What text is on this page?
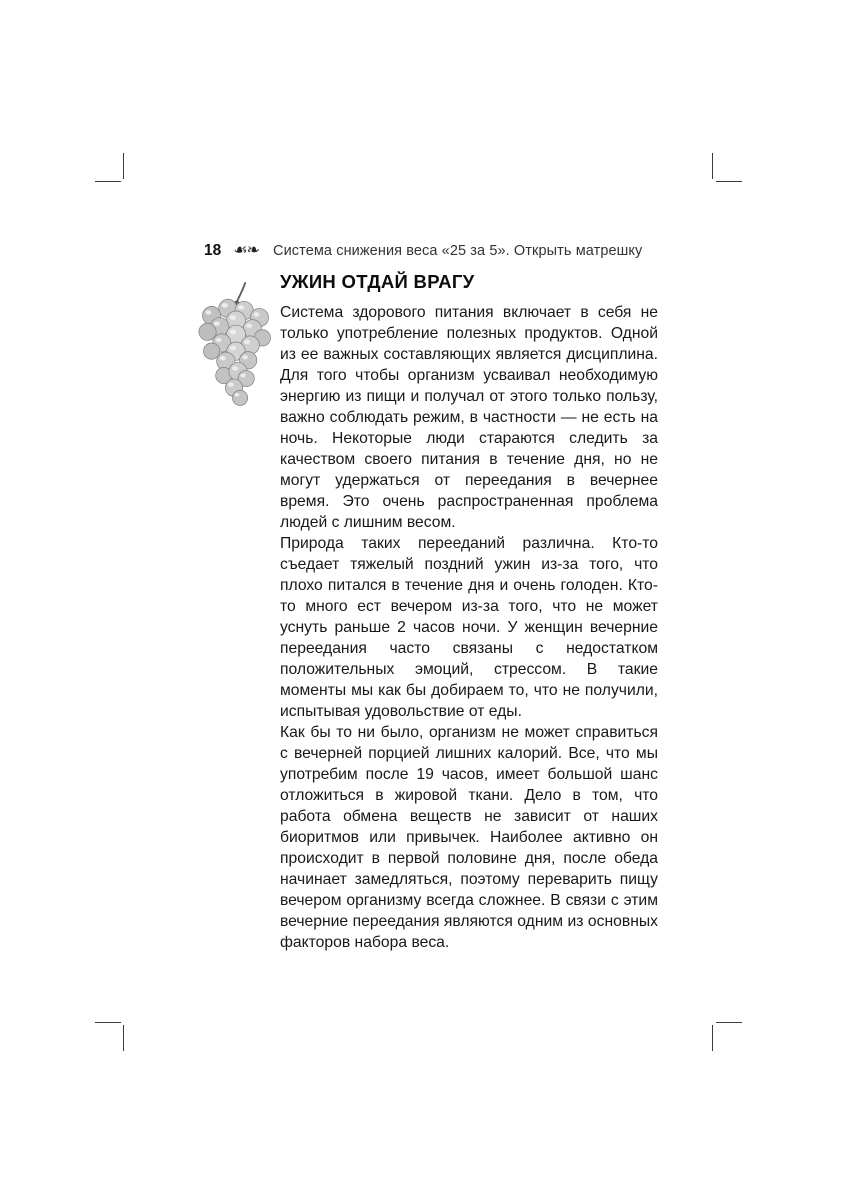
18 ☙❧ Система снижения веса «25 за 5». Открыть матрешку
УЖИН ОТДАЙ ВРАГУ

Система здорового питания включает в себя не только употребление полезных продуктов. Одной из ее важных составляющих является дисциплина. Для того чтобы организм усваивал необходимую энергию из пищи и получал от этого только пользу, важно соблюдать режим, в частности — не есть на ночь. Некоторые люди стараются следить за качеством своего питания в течение дня, но не могут удержаться от переедания в вечернее время. Это очень распространенная проблема людей с лишним весом.

Природа таких перееданий различна. Кто-то съедает тяжелый поздний ужин из-за того, что плохо питался в течение дня и очень голоден. Кто-то много ест вечером из-за того, что не может уснуть раньше 2 часов ночи. У женщин вечерние переедания часто связаны с недостатком положительных эмоций, стрессом. В такие моменты мы как бы добираем то, что не получили, испытывая удовольствие от еды.

Как бы то ни было, организм не может справиться с вечерней порцией лишних калорий. Все, что мы употребим после 19 часов, имеет большой шанс отложиться в жировой ткани. Дело в том, что работа обмена веществ не зависит от наших биоритмов или привычек. Наиболее активно он происходит в первой половине дня, после обеда начинает замедляться, поэтому переварить пищу вечером организму всегда сложнее. В связи с этим вечерние переедания являются одним из основных факторов набора веса.
